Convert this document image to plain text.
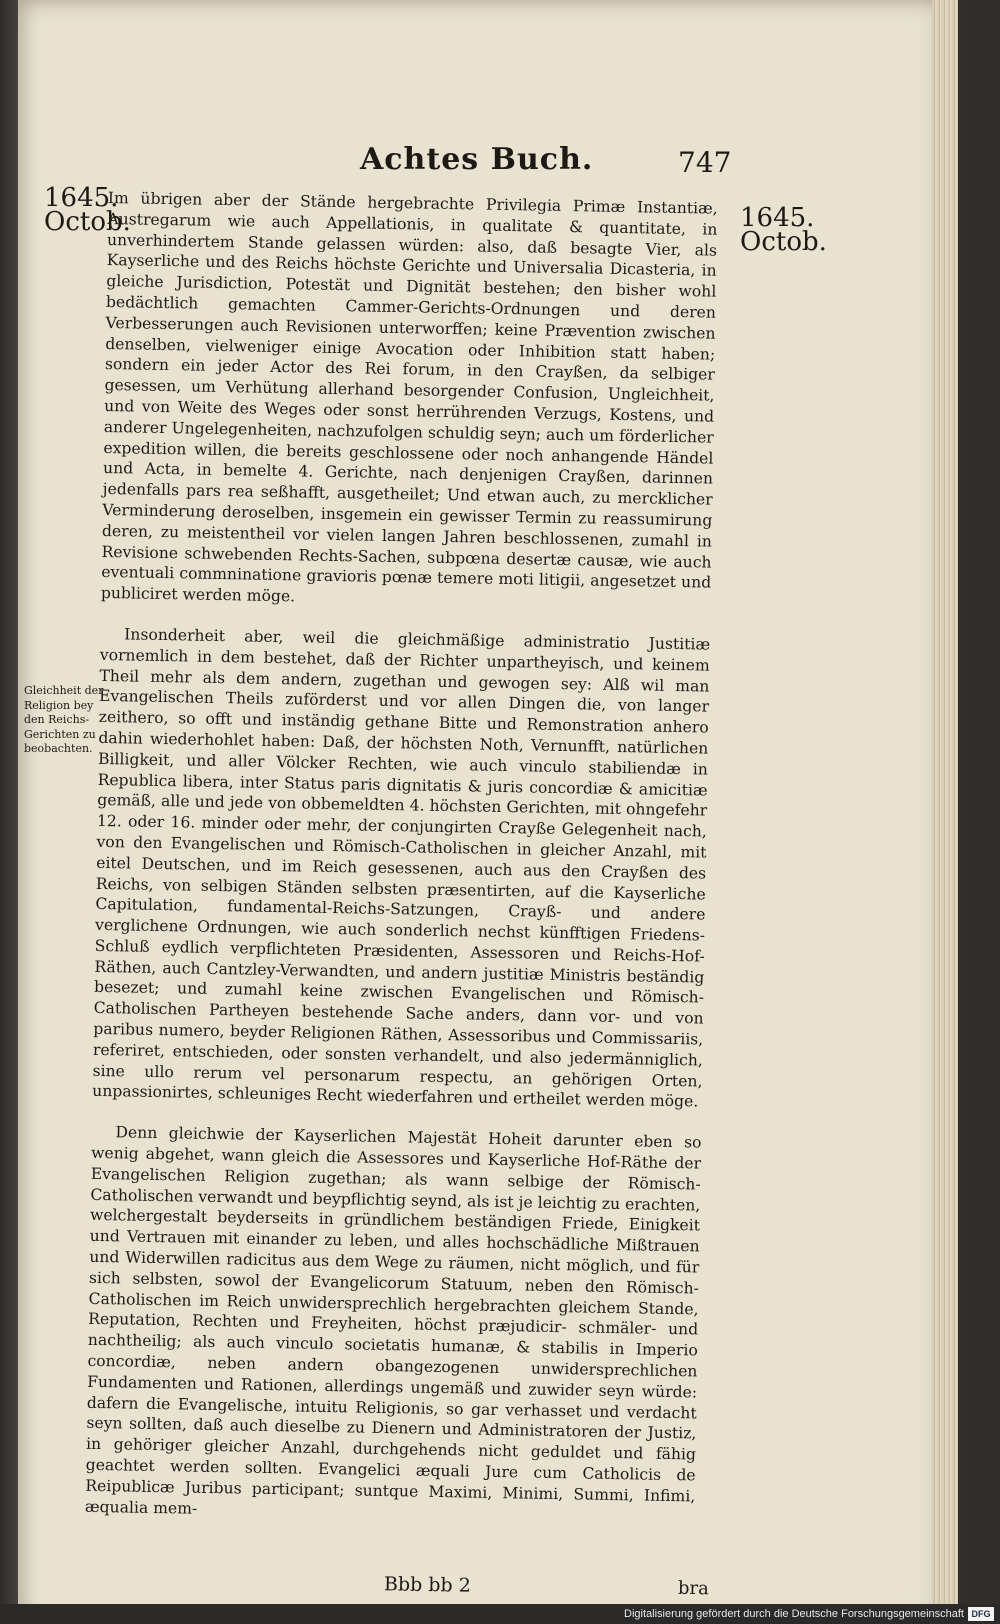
Achtes Buch.	747
1645.
Octob.	1645.
Octob.

Im übrigen aber der Stände hergebrachte Privilegia Primæ Instantiæ, Austregarum wie auch Appellationis, in qualitate & quantitate, in unverhindertem Stande gelassen würden: also, daß besagte Vier, als Kayserliche und des Reichs höchste Gerichte und Universalia Dicasteria, in gleiche Jurisdiction, Potestät und Dignität bestehen; den bisher wohl bedächtlich gemachten Cammer-Gerichts-Ordnungen und deren Verbesserungen auch Revisionen unterworffen; keine Prævention zwischen denselben, vielweniger einige Avocation oder Inhibition statt haben; sondern ein jeder Actor des Rei forum, in den Crayßen, da selbiger gesessen, um Verhütung allerhand besorgender Confusion, Ungleichheit, und von Weite des Weges oder sonst herrührenden Verzugs, Kostens, und anderer Ungelegenheiten, nachzufolgen schuldig seyn; auch um förderlicher expedition willen, die bereits geschlossene oder noch anhangende Händel und Acta, in bemelte 4. Gerichte, nach denjenigen Crayßen, darinnen jedenfalls pars rea seßhafft, ausgetheilet; Und etwan auch, zu mercklicher Verminderung deroselben, insgemein ein gewisser Termin zu reassumirung deren, zu meistentheil vor vielen langen Jahren beschlossenen, zumahl in Revisione schwebenden Rechts-Sachen, subpœna desertæ causæ, wie auch eventuali commninatione gravioris pœnæ temere moti litigii, angesetzet und publiciret werden möge.

Insonderheit aber, weil die gleichmäßige administratio Justitiæ vornemlich in dem bestehet, daß der Richter unpartheyisch, und keinem Theil mehr als dem andern, zugethan und gewogen sey: Alß wil man Evangelischen Theils zuförderst und vor allen Dingen die, von langer zeithero, so offt und inständig gethane Bitte und Remonstration anhero dahin wiederhohlet haben: Daß, der höchsten Noth, Vernunfft, natürlichen Billigkeit, und aller Völcker Rechten, wie auch vinculo stabiliendæ in Republica libera, inter Status paris dignitatis & juris concordiæ & amicitiæ gemäß, alle und jede von obbemeldten 4. höchsten Gerichten, mit ohngefehr 12. oder 16. minder oder mehr, der conjungirten Crayße Gelegenheit nach, von den Evangelischen und Römisch-Catholischen in gleicher Anzahl, mit eitel Deutschen, und im Reich gesessenen, auch aus den Crayßen des Reichs, von selbigen Ständen selbsten præsentirten, auf die Kayserliche Capitulation, fundamental-Reichs-Satzungen, Crayß- und andere verglichene Ordnungen, wie auch sonderlich nechst künfftigen Friedens-Schluß eydlich verpflichteten Præsidenten, Assessoren und Reichs-Hof-Räthen, auch Cantzley-Verwandten, und andern justitiæ Ministris beständig besezet; und zumahl keine zwischen Evangelischen und Römisch-Catholischen Partheyen bestehende Sache anders, dann vor- und von paribus numero, beyder Religionen Räthen, Assessoribus und Commissariis, referiret, entschieden, oder sonsten verhandelt, und also jedermänniglich, sine ullo rerum vel personarum respectu, an gehörigen Orten, unpassionirtes, schleuniges Recht wiederfahren und ertheilet werden möge.

Denn gleichwie der Kayserlichen Majestät Hoheit darunter eben so wenig abgehet, wann gleich die Assessores und Kayserliche Hof-Räthe der Evangelischen Religion zugethan; als wann selbige der Römisch-Catholischen verwandt und beypflichtig seynd, als ist je leichtig zu erachten, welchergestalt beyderseits in gründlichem beständigen Friede, Einigkeit und Vertrauen mit einander zu leben, und alles hochschädliche Mißtrauen und Widerwillen radicitus aus dem Wege zu räumen, nicht möglich, und für sich selbsten, sowol der Evangelicorum Statuum, neben den Römisch-Catholischen im Reich unwidersprechlich hergebrachten gleichem Stande, Reputation, Rechten und Freyheiten, höchst præjudicir- schmäler- und nachtheilig; als auch vinculo societatis humanæ, & stabilis in Imperio concordiæ, neben andern obangezogenen unwidersprechlichen Fundamenten und Rationen, allerdings ungemäß und zuwider seyn würde: dafern die Evangelische, intuitu Religionis, so gar verhasset und verdacht seyn sollten, daß auch dieselbe zu Dienern und Administratoren der Justiz, in gehöriger gleicher Anzahl, durchgehends nicht geduldet und fähig geachtet werden sollten. Evangelici æquali Jure cum Catholicis de Reipublicæ Juribus participant; suntque Maximi, Minimi, Summi, Infimi, æqualia mem-

Gleichheit der Religion bey den Reichs-Gerichten zu beobachten.
Bbb bb 2	bra
Digitalisierung gefördert durch die Deutsche Forschungsgemeinschaft DFG
